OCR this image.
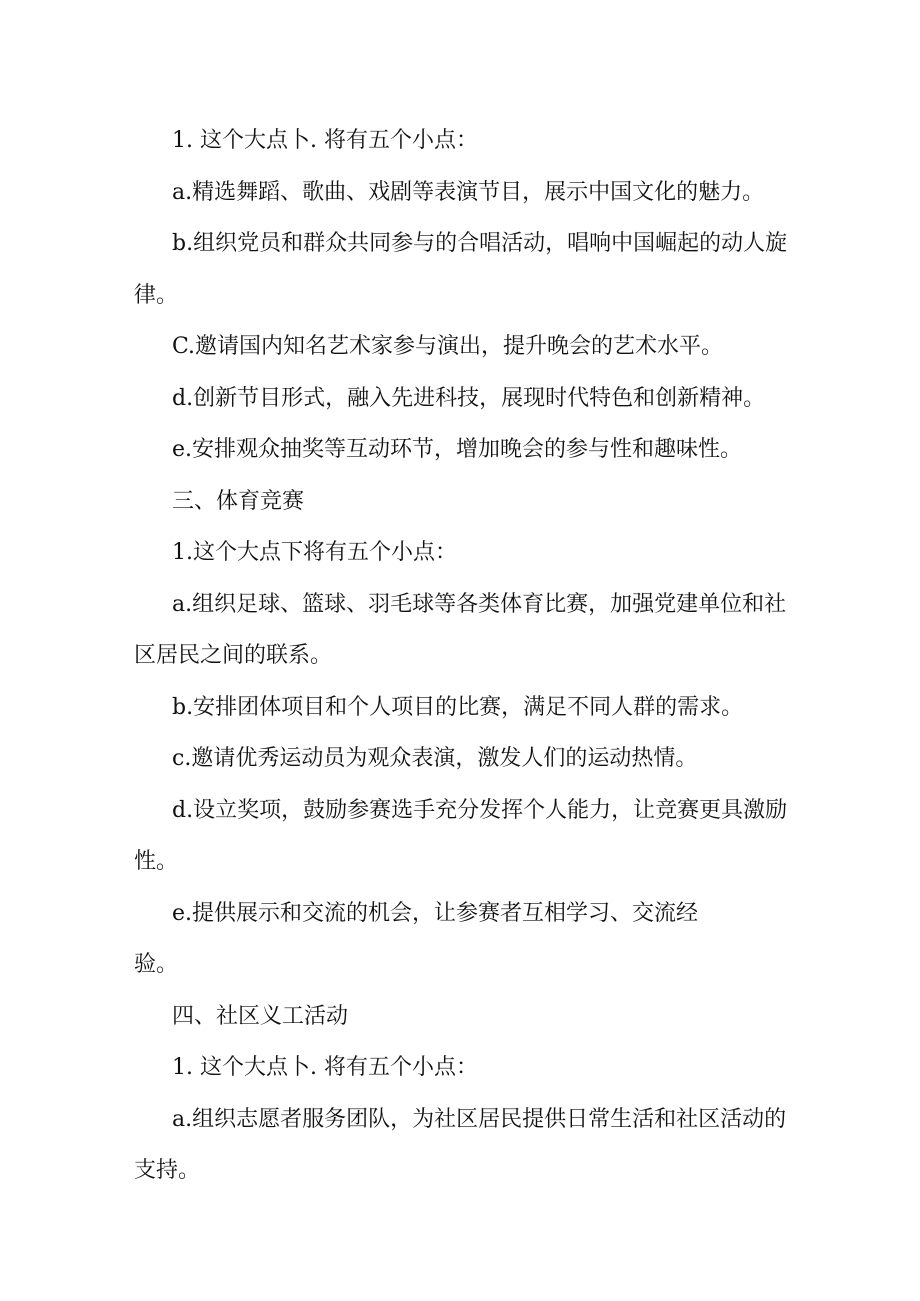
1. 这个大点卜. 将有五个小点：

a.精选舞蹈、歌曲、戏剧等表演节目，展示中国文化的魅力。

b.组织党员和群众共同参与的合唱活动，唱响中国崛起的动人旋律。

C.邀请国内知名艺术家参与演出，提升晚会的艺术水平。

d.创新节目形式，融入先进科技，展现时代特色和创新精神。

e.安排观众抽奖等互动环节，增加晚会的参与性和趣味性。

三、体育竞赛

1.这个大点下将有五个小点：

a.组织足球、篮球、羽毛球等各类体育比赛，加强党建单位和社区居民之间的联系。

b.安排团体项目和个人项目的比赛，满足不同人群的需求。

c.邀请优秀运动员为观众表演，激发人们的运动热情。

d.设立奖项，鼓励参赛选手充分发挥个人能力，让竞赛更具激励性。

e.提供展示和交流的机会，让参赛者互相学习、交流经

验。

四、社区义工活动

1. 这个大点卜. 将有五个小点：

a.组织志愿者服务团队，为社区居民提供日常生活和社区活动的支持。
